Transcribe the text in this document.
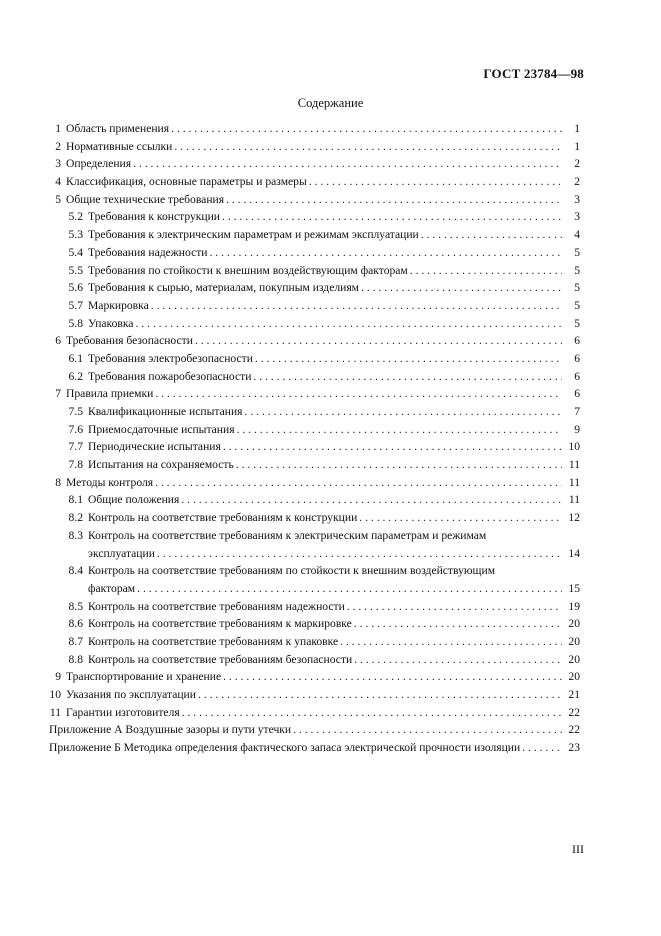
ГОСТ 23784—98
Содержание
1 Область применения . . .	1
2 Нормативные ссылки . . .	1
3 Определения . . .	2
4 Классификация, основные параметры и размеры . . .	2
5 Общие технические требования . . .	3
5.2 Требования к конструкции . . .	3
5.3 Требования к электрическим параметрам и режимам эксплуатации . . .	4
5.4 Требования надежности . . .	5
5.5 Требования по стойкости к внешним воздействующим факторам . . .	5
5.6 Требования к сырью, материалам, покупным изделиям . . .	5
5.7 Маркировка . . .	5
5.8 Упаковка . . .	5
6 Требования безопасности . . .	6
6.1 Требования электробезопасности . . .	6
6.2 Требования пожаробезопасности . . .	6
7 Правила приемки . . .	6
7.5 Квалификационные испытания . . .	7
7.6 Приемосдаточные испытания . . .	9
7.7 Периодические испытания . . .	10
7.8 Испытания на сохраняемость . . .	11
8 Методы контроля . . .	11
8.1 Общие положения . . .	11
8.2 Контроль на соответствие требованиям к конструкции . . .	12
8.3 Контроль на соответствие требованиям к электрическим параметрам и режимам
эксплуатации . . .	14
8.4 Контроль на соответствие требованиям по стойкости к внешним воздействующим
факторам . . .	15
8.5 Контроль на соответствие требованиям надежности . . .	19
8.6 Контроль на соответствие требованиям к маркировке . . .	20
8.7 Контроль на соответствие требованиям к упаковке . . .	20
8.8 Контроль на соответствие требованиям безопасности . . .	20
9 Транспортирование и хранение . . .	20
10 Указания по эксплуатации . . .	21
11 Гарантии изготовителя . . .	22
Приложение А Воздушные зазоры и пути утечки . . .	22
Приложение Б Методика определения фактического запаса электрической прочности изоляции . . .	23
III
